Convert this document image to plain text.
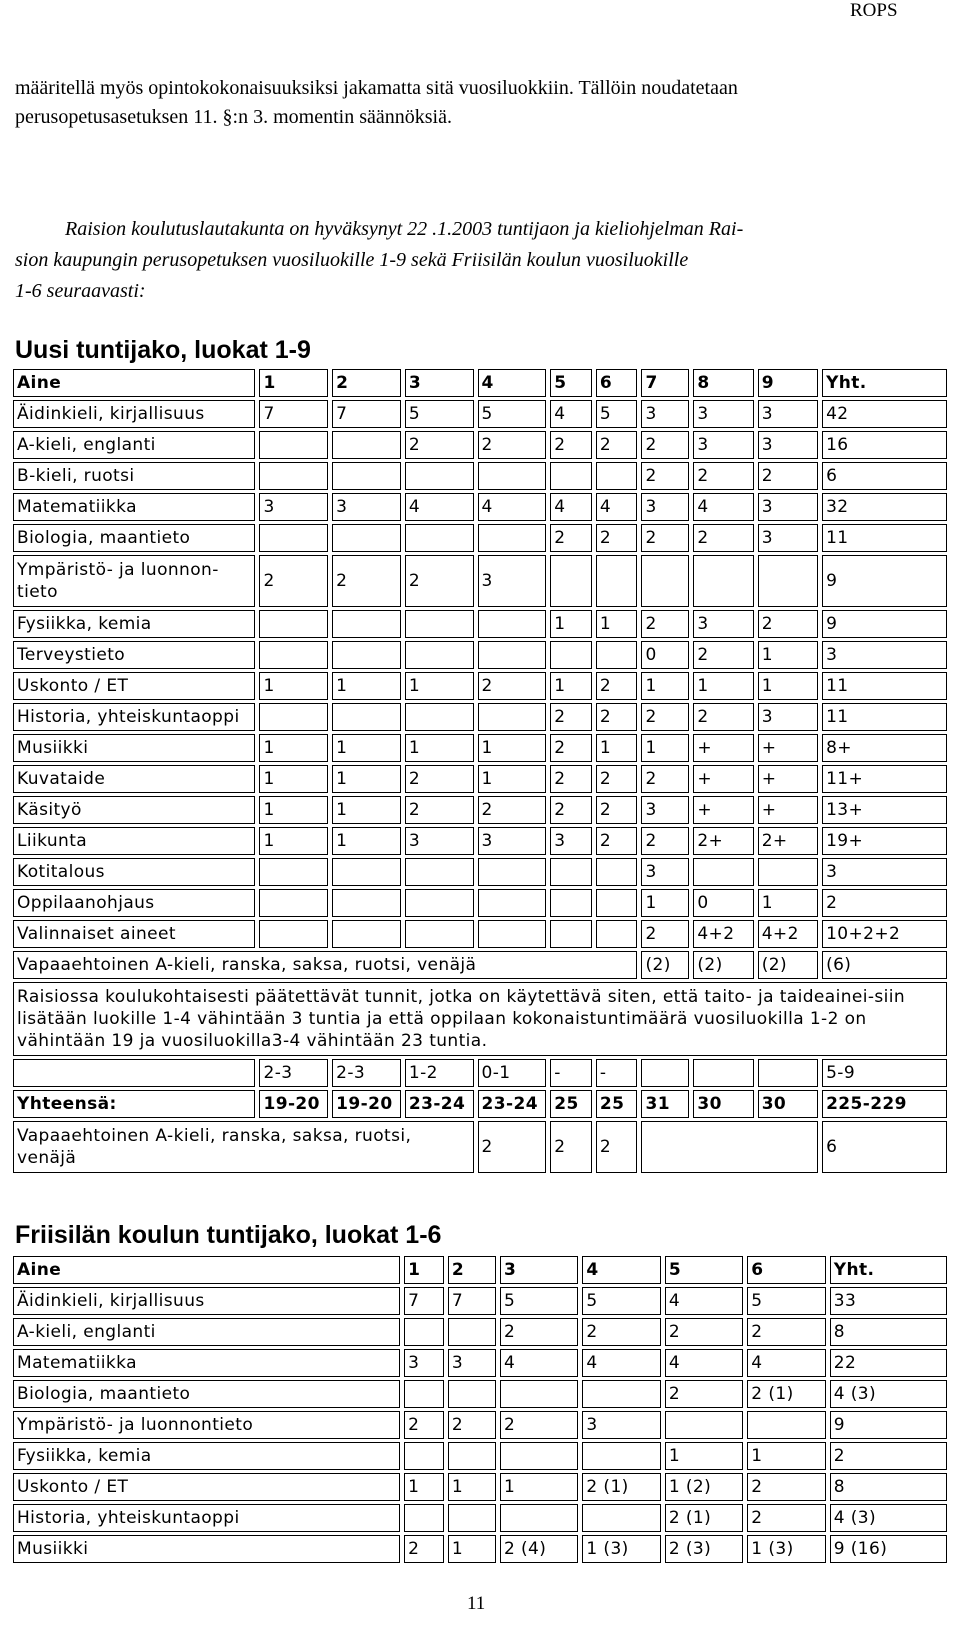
ROPS
määritellä myös opintokokonaisuuksiksi jakamatta sitä vuosiluokkiin. Tällöin noudatetaan
perusopetusasetuksen 11. §:n 3. momentin säännöksiä.
Raision koulutuslautakunta on hyväksynyt 22 .1.2003 tuntijaon ja kieliohjelman Rai-
sion kaupungin perusopetuksen vuosiluokille 1-9 sekä Friisilän koulun vuosiluokille
1-6 seuraavasti:
Uusi tuntijako, luokat 1-9
Aine	1	2	3	4	5	6	7	8	9	Yht.
Äidinkieli, kirjallisuus	7	7	5	5	4	5	3	3	3	42
A-kieli, englanti			2	2	2	2	2	3	3	16
B-kieli, ruotsi							2	2	2	6
Matematiikka	3	3	4	4	4	4	3	4	3	32
Biologia, maantieto					2	2	2	2	3	11
Ympäristö- ja luonnon-tieto	2	2	2	3						9
Fysiikka, kemia					1	1	2	3	2	9
Terveystieto							0	2	1	3
Uskonto / ET	1	1	1	2	1	2	1	1	1	11
Historia, yhteiskuntaoppi					2	2	2	2	3	11
Musiikki	1	1	1	1	2	1	1	+	+	8+
Kuvataide	1	1	2	1	2	2	2	+	+	11+
Käsityö	1	1	2	2	2	2	3	+	+	13+
Liikunta	1	1	3	3	3	2	2	2+	2+	19+
Kotitalous							3			3
Oppilaanohjaus							1	0	1	2
Valinnaiset aineet							2	4+2	4+2	10+2+2
Vapaaehtoinen A-kieli, ranska, saksa, ruotsi, venäjä							(2)	(2)	(2)	(6)
Raisiossa koulukohtaisesti päätettävät tunnit, jotka on käytettävä siten, että taito- ja taideainei-siin lisätään luokille 1-4 vähintään 3 tuntia ja että oppilaan kokonaistuntimäärä vuosiluokilla 1-2 on vähintään 19 ja vuosiluokilla3-4 vähintään 23 tuntia.										
	2-3	2-3	1-2	0-1	-	-				5-9
Yhteensä:	19-20	19-20	23-24	23-24	25	25	31	30	30	225-229
Vapaaehtoinen A-kieli, ranska, saksa, ruotsi, venäjä				2	2	2				6
Friisilän koulun tuntijako, luokat 1-6
Aine	1	2	3	4	5	6	Yht.
Äidinkieli, kirjallisuus	7	7	5	5	4	5	33
A-kieli, englanti			2	2	2	2	8
Matematiikka	3	3	4	4	4	4	22
Biologia, maantieto					2	2 (1)	4 (3)
Ympäristö- ja luonnontieto	2	2	2	3			9
Fysiikka, kemia					1	1	2
Uskonto / ET	1	1	1	2 (1)	1 (2)	2	8
Historia, yhteiskuntaoppi					2 (1)	2	4 (3)
Musiikki	2	1	2 (4)	1 (3)	2 (3)	1 (3)	9 (16)
11
